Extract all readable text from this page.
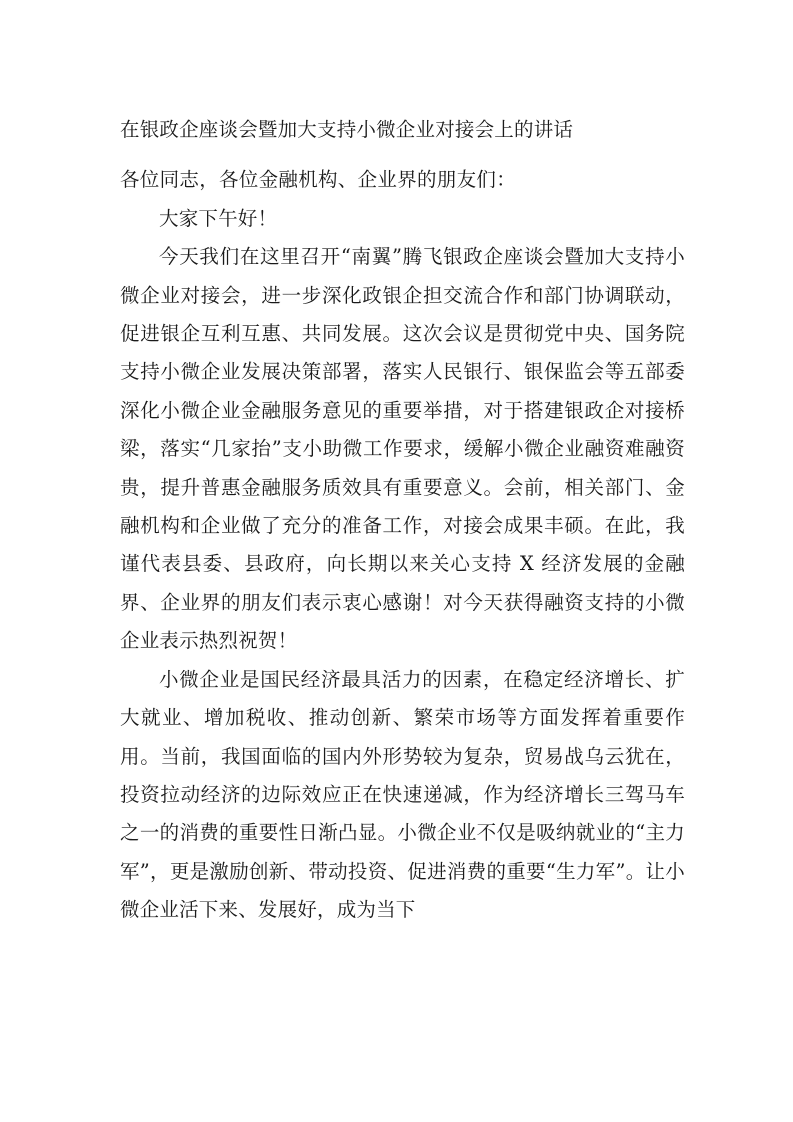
在银政企座谈会暨加大支持小微企业对接会上的讲话

各位同志，各位金融机构、企业界的朋友们：

大家下午好！

今天我们在这里召开“南翼”腾飞银政企座谈会暨加大支持小微企业对接会，进一步深化政银企担交流合作和部门协调联动，促进银企互利互惠、共同发展。这次会议是贯彻党中央、国务院支持小微企业发展决策部署，落实人民银行、银保监会等五部委深化小微企业金融服务意见的重要举措，对于搭建银政企对接桥梁，落实“几家抬”支小助微工作要求，缓解小微企业融资难融资贵，提升普惠金融服务质效具有重要意义。会前，相关部门、金融机构和企业做了充分的准备工作，对接会成果丰硕。在此，我谨代表县委、县政府，向长期以来关心支持 X 经济发展的金融界、企业界的朋友们表示衷心感谢！对今天获得融资支持的小微企业表示热烈祝贺！

小微企业是国民经济最具活力的因素，在稳定经济增长、扩大就业、增加税收、推动创新、繁荣市场等方面发挥着重要作用。当前，我国面临的国内外形势较为复杂，贸易战乌云犹在，投资拉动经济的边际效应正在快速递减，作为经济增长三驾马车之一的消费的重要性日渐凸显。小微企业不仅是吸纳就业的“主力军”，更是激励创新、带动投资、促进消费的重要“生力军”。让小微企业活下来、发展好，成为当下
